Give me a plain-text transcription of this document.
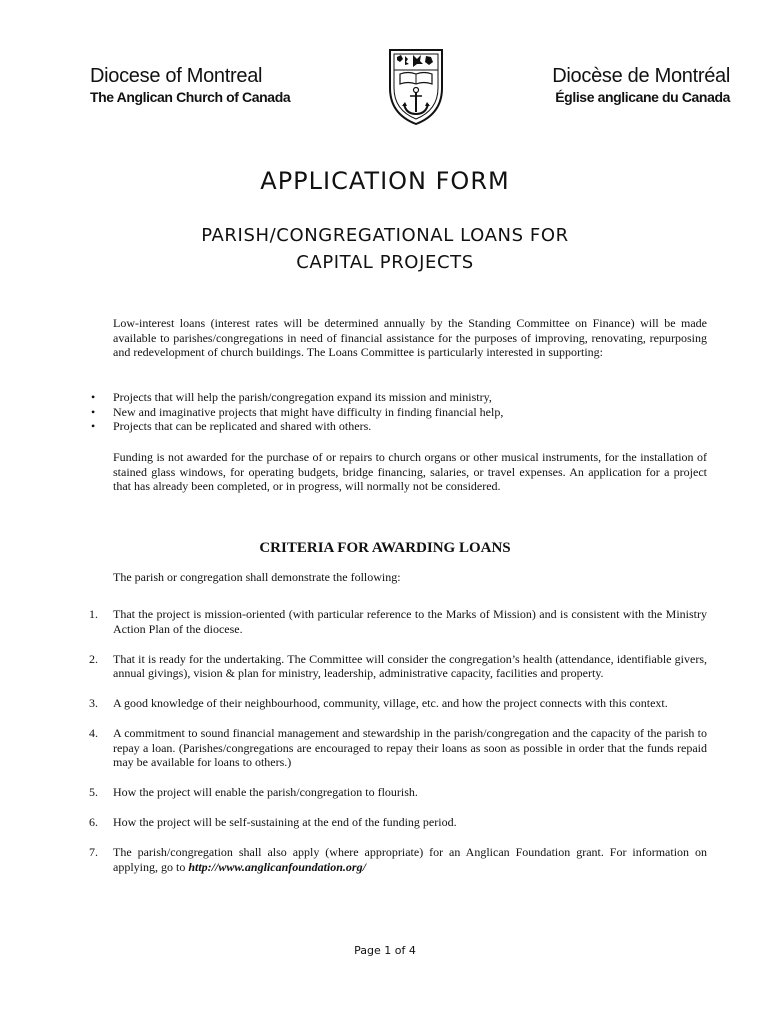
Diocese of Montreal
The Anglican Church of Canada
Diocèse de Montréal
Église anglicane du Canada
APPLICATION FORM
PARISH/CONGREGATIONAL LOANS FOR
CAPITAL PROJECTS
Low-interest loans (interest rates will be determined annually by the Standing Committee on Finance) will be made available to parishes/congregations in need of financial assistance for the purposes of improving, renovating, repurposing and redevelopment of church buildings. The Loans Committee is particularly interested in supporting:
• Projects that will help the parish/congregation expand its mission and ministry,
• New and imaginative projects that might have difficulty in finding financial help,
• Projects that can be replicated and shared with others.
Funding is not awarded for the purchase of or repairs to church organs or other musical instruments, for the installation of stained glass windows, for operating budgets, bridge financing, salaries, or travel expenses. An application for a project that has already been completed, or in progress, will normally not be considered.
CRITERIA FOR AWARDING LOANS
The parish or congregation shall demonstrate the following:
1. That the project is mission-oriented (with particular reference to the Marks of Mission) and is consistent with the Ministry Action Plan of the diocese.
2. That it is ready for the undertaking. The Committee will consider the congregation’s health (attendance, identifiable givers, annual givings), vision & plan for ministry, leadership, administrative capacity, facilities and property.
3. A good knowledge of their neighbourhood, community, village, etc. and how the project connects with this context.
4. A commitment to sound financial management and stewardship in the parish/congregation and the capacity of the parish to repay a loan. (Parishes/congregations are encouraged to repay their loans as soon as possible in order that the funds repaid may be available for loans to others.)
5. How the project will enable the parish/congregation to flourish.
6. How the project will be self-sustaining at the end of the funding period.
7. The parish/congregation shall also apply (where appropriate) for an Anglican Foundation grant. For information on applying, go to http://www.anglicanfoundation.org/
Page 1 of 4
